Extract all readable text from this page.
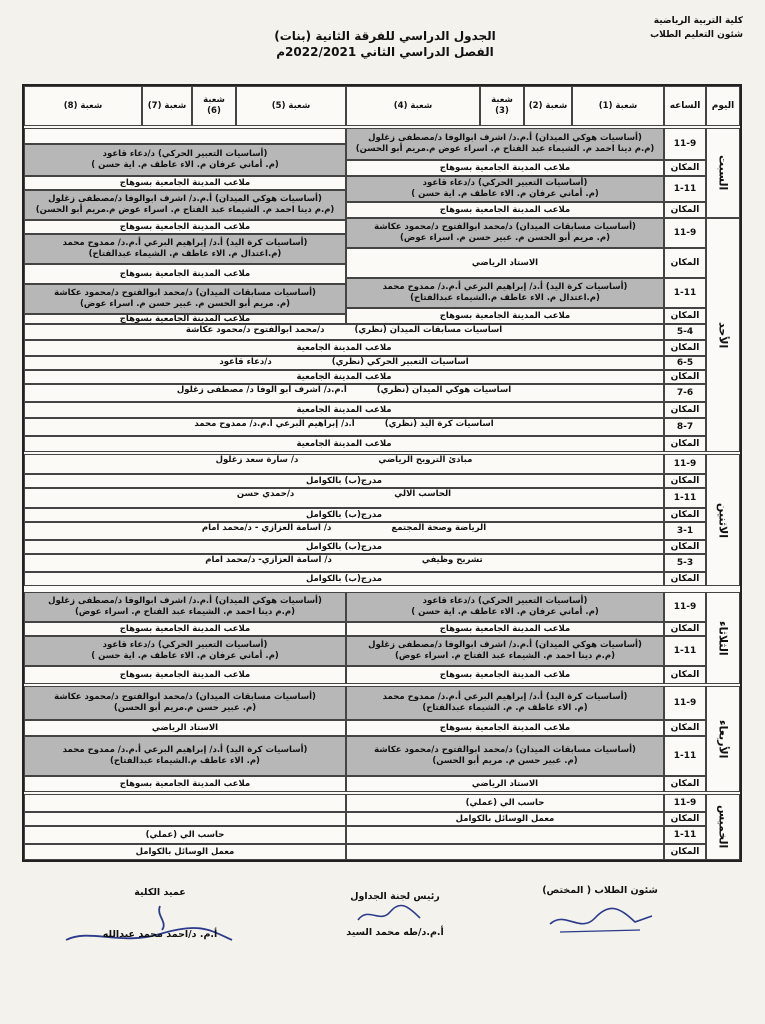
كلية التربية الرياضية
شئون التعليم الطلاب
الجدول الدراسي للفرقة الثانية (بنات)
الفصل الدراسي الثاني 2022/2021م
اليوم
الساعه
شعبة (1)
شعبة (2)
شعبة (3)
شعبة (4)
شعبة (5)
شعبة (6)
شعبة (7)
شعبة (8)
السبت
11-9
المكان
1-11
المكان
(أساسيات هوكي الميدان) أ.م.د/ اشرف ابوالوفا د/مصطفى زغلول
(م.م دينا احمد م. الشيماء عبد الفتاح م. اسراء عوض م.مريم أبو الحسن)
ملاعب المدينة الجامعية بسوهاج
(أساسيات التعبير الحركي) د/دعاء قاعود
(م. أماني عرفان م. الاء عاطف م. اية حسن )
ملاعب المدينة الجامعية بسوهاج
(أساسيات التعبير الحركي) د/دعاء قاعود
(م. أماني عرفان م. الاء عاطف م. اية حسن )
ملاعب المدينة الجامعية بسوهاج
(أساسيات هوكي الميدان) أ.م.د/ اشرف ابوالوفا د/مصطفى زغلول
(م.م دينا احمد م. الشيماء عبد الفتاح م. اسراء عوض م.مريم أبو الحسن)
ملاعب المدينة الجامعية بسوهاج
الأحد
11-9
المكان
1-11
المكان
5-4
المكان
6-5
المكان
7-6
المكان
8-7
المكان
(أساسيات مسابقات الميدان) د/محمد ابوالفتوح د/محمود عكاشة
(م. مريم أبو الحسن م. عبير حسن م. اسراء عوض)
الاستاد الرياضي
(أساسيات كرة اليد) أ.د/ إبراهيم البرعي أ.م.د/ ممدوح محمد
(م.اعتدال م. الاء عاطف م.الشيماء عبدالفتاح)
ملاعب المدينة الجامعية بسوهاج
(أساسيات كرة اليد) أ.د/ إبراهيم البرعي أ.م.د/ ممدوح محمد
(م.اعتدال م. الاء عاطف م. الشيماء عبدالفتاح)
ملاعب المدينة الجامعية بسوهاج
(أساسيات مسابقات الميدان) د/محمد ابوالفتوح د/محمود عكاشة
(م. مريم أبو الحسن م. عبير حسن م. اسراء عوض)
ملاعب المدينة الجامعية بسوهاج
اساسيات مسابقات الميدان (نظري)
د/محمد ابوالفتوح د/محمود عكاشة
ملاعب المدينة الجامعية
اساسيات التعبير الحركي (نظري)
د/دعاء قاعود
ملاعب المدينة الجامعية
اساسيات هوكي الميدان (نظري)
أ.م.د/ اشرف أبو الوفا د/ مصطفى زغلول
ملاعب المدينة الجامعية
اساسيات كرة اليد (نظري)
أ.د/ إبراهيم البرعي أ.م.د/ ممدوح محمد
ملاعب المدينة الجامعية
الاثنين
11-9
المكان
1-11
المكان
3-1
المكان
5-3
المكان
مبادئ الترويح الرياضي
د/ سارة سعد زغلول
مدرج(ب) بالكوامل
الحاسب الالي
د/حمدي حسن
مدرج(ب) بالكوامل
الرياضة وصحة المجتمع
د/ اسامة العزازي - د/محمد امام
مدرج(ب) بالكوامل
تشريح وظيفي
د/ اسامة العزازي- د/محمد امام
مدرج(ب) بالكوامل
الثلاثاء
11-9
المكان
1-11
المكان
(أساسيات التعبير الحركي) د/دعاء قاعود
(م. أماني عرفان م. الاء عاطف م. اية حسن )
ملاعب المدينة الجامعية بسوهاج
(أساسيات هوكي الميدان) أ.م.د/ اشرف ابوالوفا د/مصطفى زغلول
(م.م دينا احمد م. الشيماء عبد الفتاح م. اسراء عوض)
ملاعب المدينة الجامعية بسوهاج
(أساسيات هوكي الميدان) أ.م.د/ اشرف ابوالوفا د/مصطفى زغلول
(م.م دينا احمد م. الشيماء عبد الفتاح م. اسراء عوض)
ملاعب المدينة الجامعية بسوهاج
(أساسيات التعبير الحركي) د/دعاء قاعود
(م. أماني عرفان م. الاء عاطف م. اية حسن )
ملاعب المدينة الجامعية بسوهاج
الأربعاء
11-9
المكان
1-11
المكان
(أساسيات كرة اليد) أ.د/ إبراهيم البرعي أ.م.د/ ممدوح محمد
(م. الاء عاطف م. م. الشيماء عبدالفتاح)
ملاعب المدينة الجامعية بسوهاج
(أساسيات مسابقات الميدان) د/محمد ابوالفتوح د/محمود عكاشة
(م. عبير حسن م. مريم أبو الحسن)
الاستاد الرياضي
(أساسيات مسابقات الميدان) د/محمد ابوالفتوح د/محمود عكاشة
(م. عبير حسن م.مريم أبو الحسن)
الاستاد الرياضي
(أساسيات كرة اليد) أ.د/ إبراهيم البرعي أ.م.د/ ممدوح محمد
(م. الاء عاطف م.الشيماء عبدالفتاح)
ملاعب المدينة الجامعية بسوهاج
الخميس
11-9
المكان
1-11
المكان
حاسب الي (عملي)
معمل الوسائل بالكوامل
حاسب الي (عملي)
معمل الوسائل بالكوامل
شئون الطلاب ( المختص)
رئيس لجنة الجداول
أ.م.د/طه محمد السيد
عميد الكلية
أ.م. د/احمد محمد عبدالله
